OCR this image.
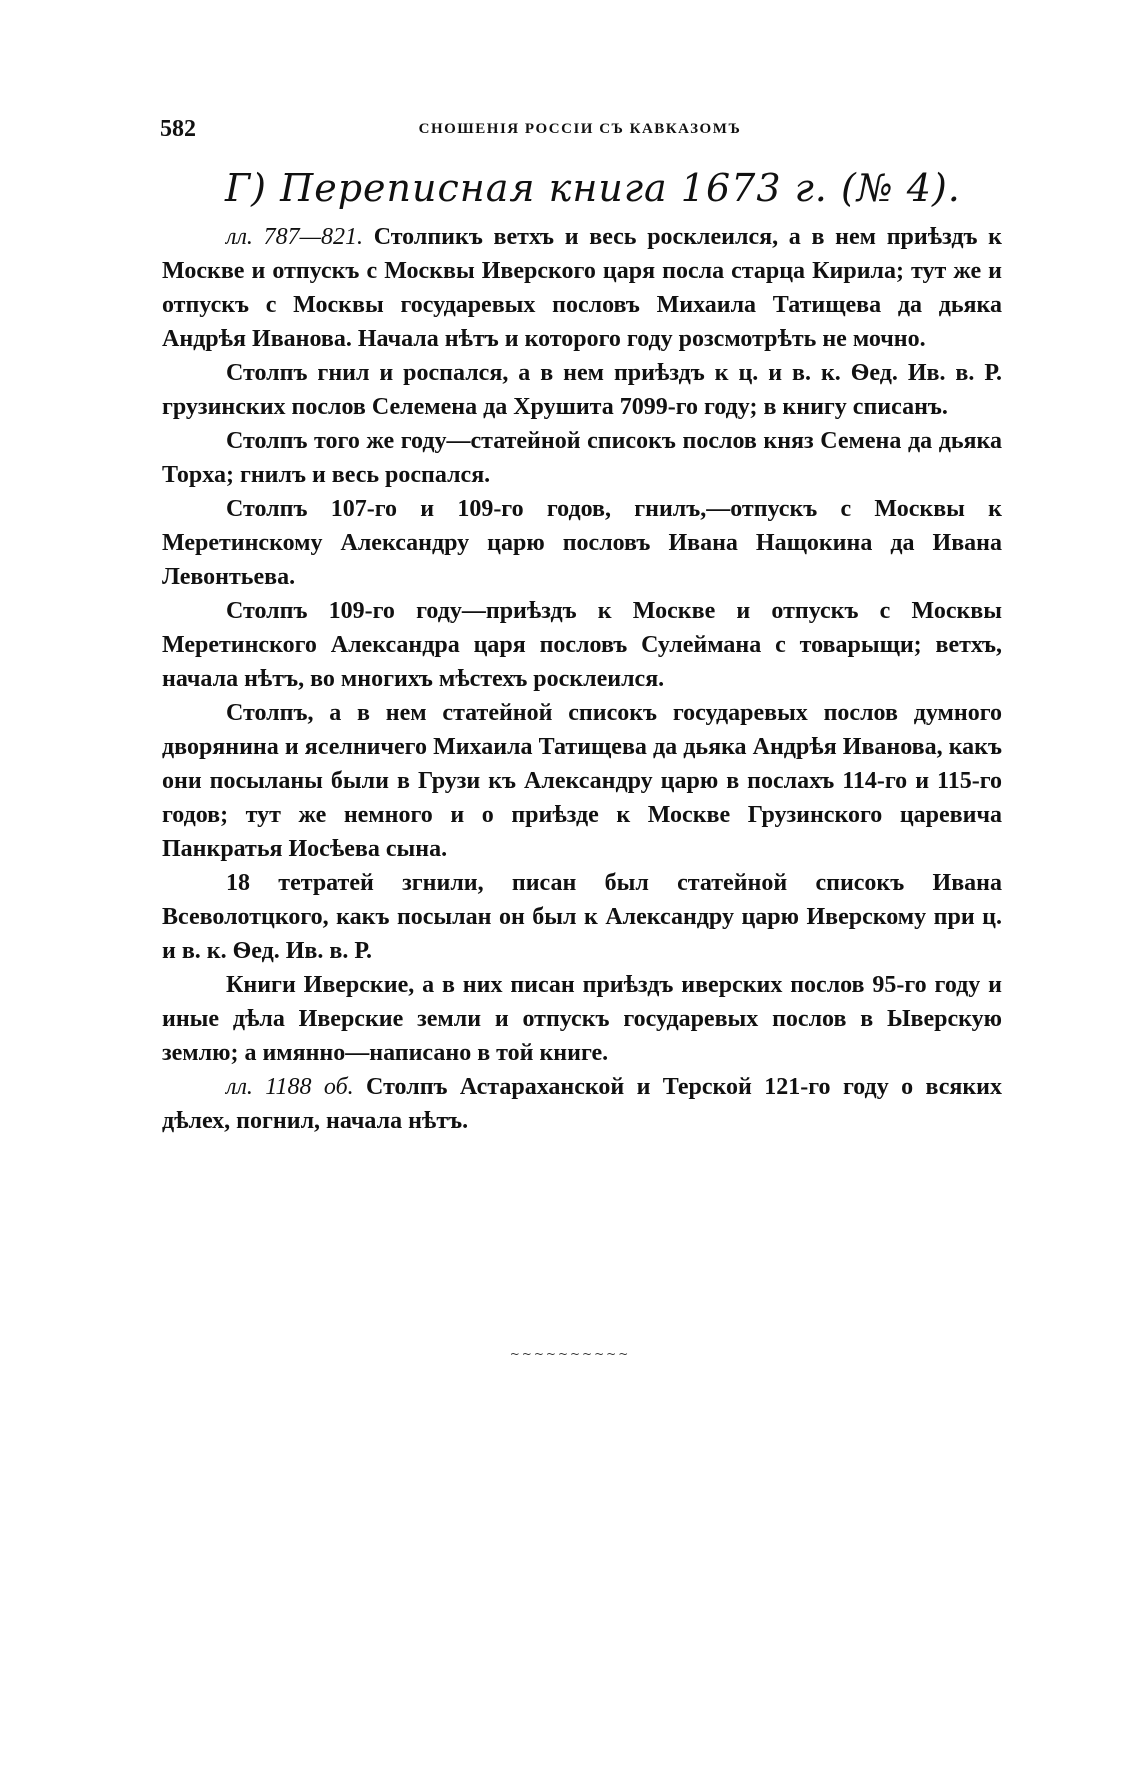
582	СНОШЕНІЯ РОССІИ СЪ КАВКАЗОМЪ
Г) Переписная книга 1673 г. (№ 4).

лл. 787—821. Столпикъ ветхъ и весь росклеился, а в нем приѣздъ к Москве и отпускъ с Москвы Иверского царя посла старца Кирила; тут же и отпускъ с Москвы государевых пословъ Михаила Татищева да дьяка Андрѣя Иванова. Начала нѣтъ и которого году розсмотрѣть не мочно.

Столпъ гнил и роспался, а в нем приѣздъ к ц. и в. к. Ѳед. Ив. в. Р. грузинских послов Селемена да Хрушита 7099-го году; в книгу списанъ.

Столпъ того же году—статейной списокъ послов княз Семена да дьяка Торха; гнилъ и весь роспался.

Столпъ 107-го и 109-го годов, гнилъ,—отпускъ с Москвы к Меретинскому Александру царю пословъ Ивана Нащокина да Ивана Левонтьева.

Столпъ 109-го году—приѣздъ к Москве и отпускъ с Москвы Меретинского Александра царя пословъ Сулеймана с товарыщи; ветхъ, начала нѣтъ, во многихъ мѣстехъ росклеился.

Столпъ, а в нем статейной списокъ государевых послов думного дворянина и яселничего Михаила Татищева да дьяка Андрѣя Иванова, какъ они посыланы были в Грузи къ Александру царю в послахъ 114-го и 115-го годов; тут же немного и о приѣзде к Москве Грузинского царевича Панкратья Иосѣева сына.

18 тетратей згнили, писан был статейной списокъ Ивана Всеволотцкого, какъ посылан он был к Александру царю Иверскому при ц. и в. к. Ѳед. Ив. в. Р.

Книги Иверские, а в них писан приѣздъ иверских послов 95-го году и иные дѣла Иверские земли и отпускъ государевых послов в Ыверскую землю; а имянно—написано в той книге.

лл. 1188 об. Столпъ Астараханской и Терской 121-го году о всяких дѣлех, погнил, начала нѣтъ.

~~~~~~~~~~
